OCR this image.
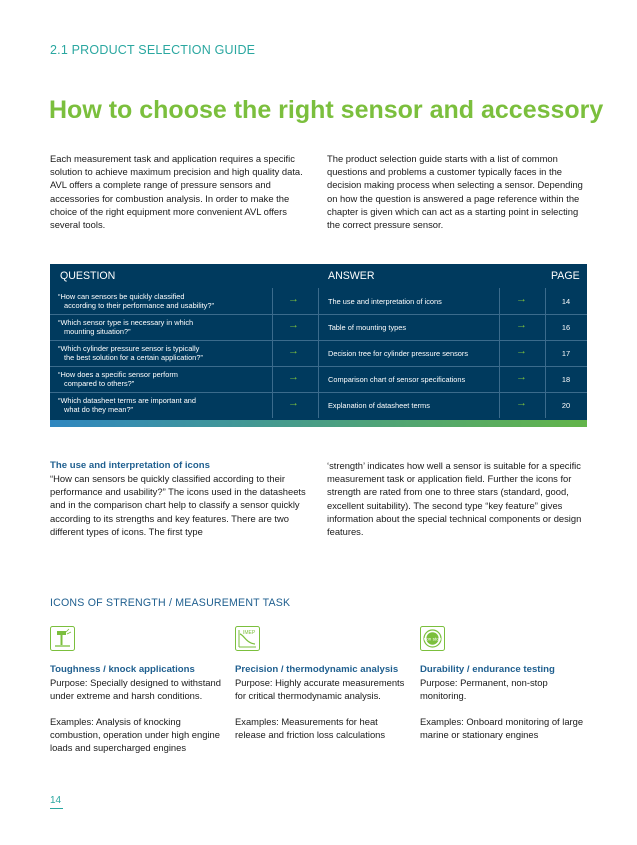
2.1 PRODUCT SELECTION GUIDE
How to choose the right sensor and accessory

Each measurement task and application requires a specific solution to achieve maximum precision and high quality data. AVL offers a complete range of pressure sensors and accessories for combustion analysis. In order to make the choice of the right equipment more convenient AVL offers several tools.

The product selection guide starts with a list of common questions and problems a customer typically faces in the decision making process when selecting a sensor. Depending on how the question is answered a page reference within the chapter is given which can act as a starting point in selecting the correct pressure sensor.

QUESTION	ANSWER	PAGE
“How can sensors be quickly classified
according to their performance and usability?”
→	The use and interpretation of icons	→	14
“Which sensor type is necessary in which
mounting situation?”
→	Table of mounting types	→	16
“Which cylinder pressure sensor is typically
the best solution for a certain application?”
→	Decision tree for cylinder pressure sensors	→	17
“How does a specific sensor perform
compared to others?”
→	Comparison chart of sensor specifications	→	18
“Which datasheet terms are important and
what do they mean?”
→	Explanation of datasheet terms	→	20
The use and interpretation of icons

“How can sensors be quickly classified according to their performance and usability?” The icons used in the datasheets and in the comparison chart help to classify a sensor quickly according to its strengths and key features. There are two different types of icons. The first type

‘strength’ indicates how well a sensor is suitable for a specific measurement task or application field. Further the icons for strength are rated from one to three stars (standard, good, excellent suitability). The second type “key feature” gives information about the special technical components or design features.

ICONS OF STRENGTH / MEASUREMENT TASK
IMEP
non stop

Toughness / knock applications

Purpose: Specially designed to withstand under extreme and harsh conditions.

Examples: Analysis of knocking combustion, operation under high engine loads and supercharged engines

Precision / thermodynamic analysis

Purpose: Highly accurate measurements for critical thermodynamic analysis.

Examples: Measurements for heat release and friction loss calculations

Durability / endurance testing

Purpose: Permanent, non-stop monitoring.

Examples: Onboard monitoring of large marine or stationary engines

14
